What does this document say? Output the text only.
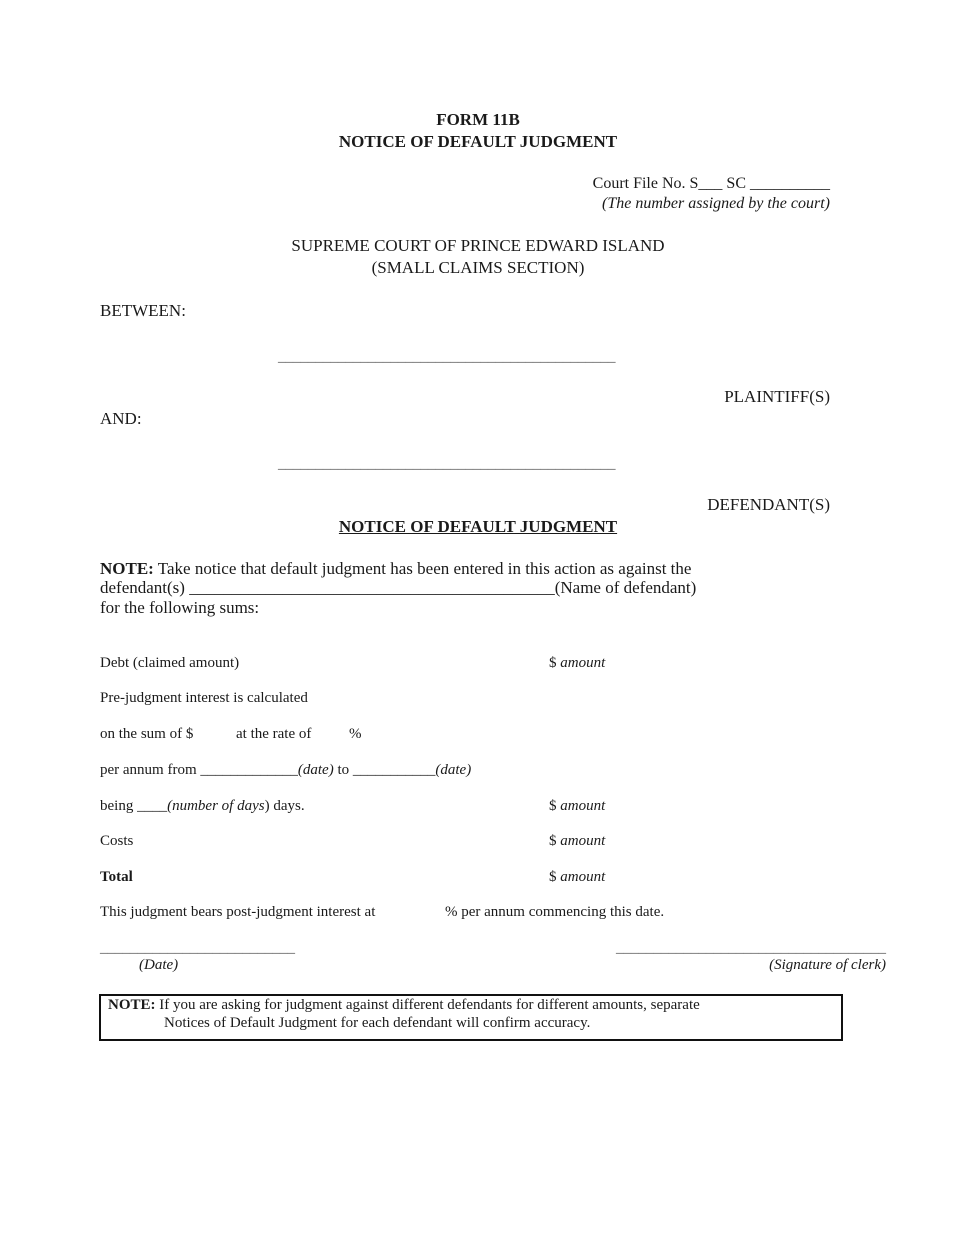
FORM 11B
NOTICE OF DEFAULT JUDGMENT
Court File No. S___ SC __________
(The number assigned by the court)
SUPREME COURT OF PRINCE EDWARD ISLAND
(SMALL CLAIMS SECTION)
BETWEEN:
_____________________________________________
PLAINTIFF(S)
AND:
_____________________________________________
DEFENDANT(S)
NOTICE OF DEFAULT JUDGMENT
NOTE: Take notice that default judgment has been entered in this action as against the
defendant(s) ___________________________________________(Name of defendant)
for the following sums:
Debt (claimed amount)	$ amount
Pre-judgment interest is calculated
on the sum of $	at the rate of	%
per annum from _____________(date) to ___________(date)
being ____(number of days) days.	$ amount
Costs	$ amount
Total	$ amount
This judgment bears post-judgment interest at	% per annum commencing this date.
__________________________
(Date)
____________________________________
(Signature of clerk)
NOTE: If you are asking for judgment against different defendants for different amounts, separate
Notices of Default Judgment for each defendant will confirm accuracy.
